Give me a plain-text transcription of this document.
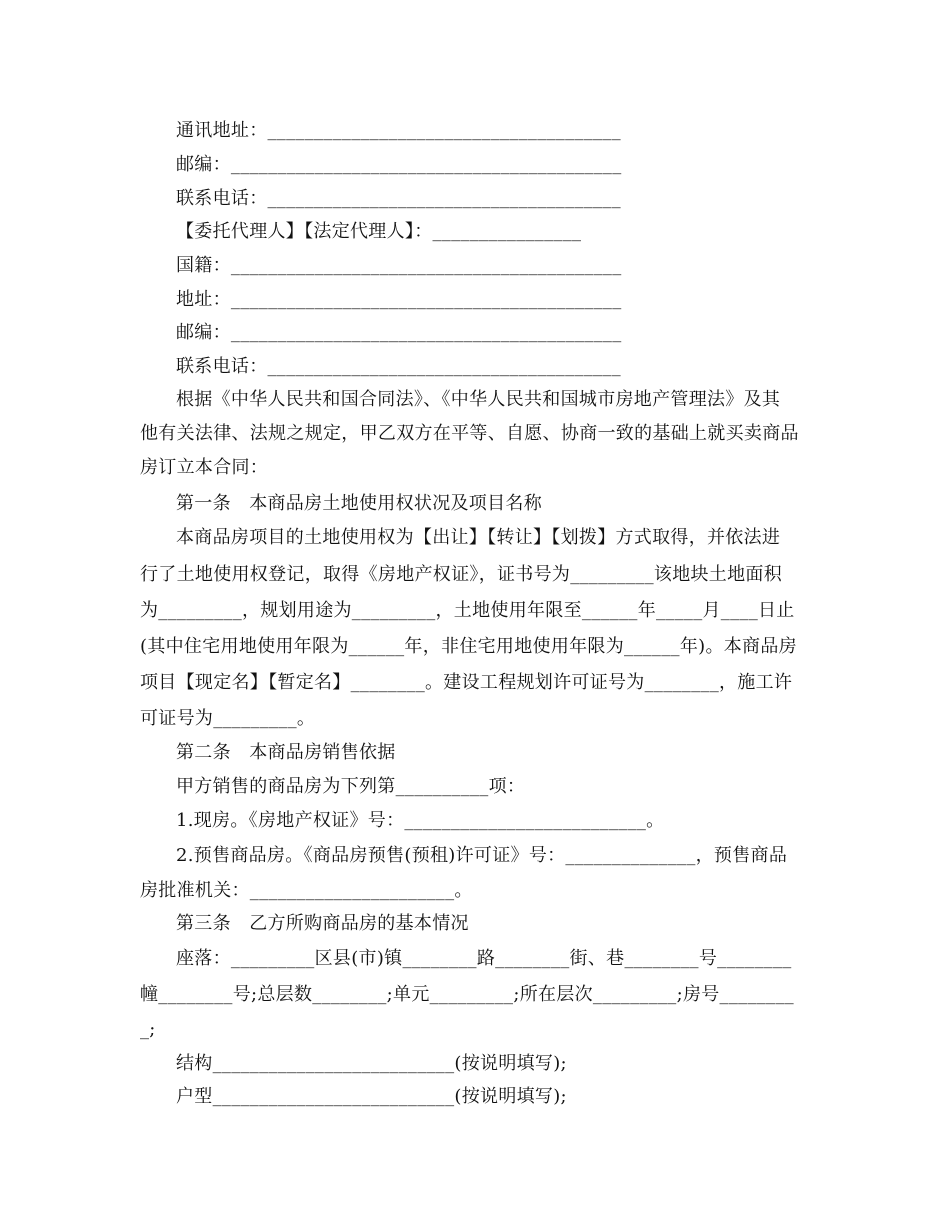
通讯地址：______________________________________
邮编：__________________________________________
联系电话：______________________________________
【委托代理人】【法定代理人】：________________
国籍：__________________________________________
地址：__________________________________________
邮编：__________________________________________
联系电话：______________________________________
根据《中华人民共和国合同法》、《中华人民共和国城市房地产管理法》及其
他有关法律、法规之规定，甲乙双方在平等、自愿、协商一致的基础上就买卖商品
房订立本合同：
第一条　本商品房土地使用权状况及项目名称
本商品房项目的土地使用权为【出让】【转让】【划拨】方式取得，并依法进
行了土地使用权登记，取得《房地产权证》，证书号为_________该地块土地面积
为_________，规划用途为_________，土地使用年限至______年_____月____日止
(其中住宅用地使用年限为______年，非住宅用地使用年限为______年)。本商品房
项目【现定名】【暂定名】________。建设工程规划许可证号为________，施工许
可证号为_________。
第二条　本商品房销售依据
甲方销售的商品房为下列第__________项：
1.现房。《房地产权证》号：__________________________。
2.预售商品房。《商品房预售(预租)许可证》号：______________，预售商品
房批准机关：______________________。
第三条　乙方所购商品房的基本情况
座落：_________区县(市)镇________路________街、巷________号________
幢________号;总层数________;单元_________;所在层次_________;房号________
_;
结构__________________________(按说明填写);
户型__________________________(按说明填写);
